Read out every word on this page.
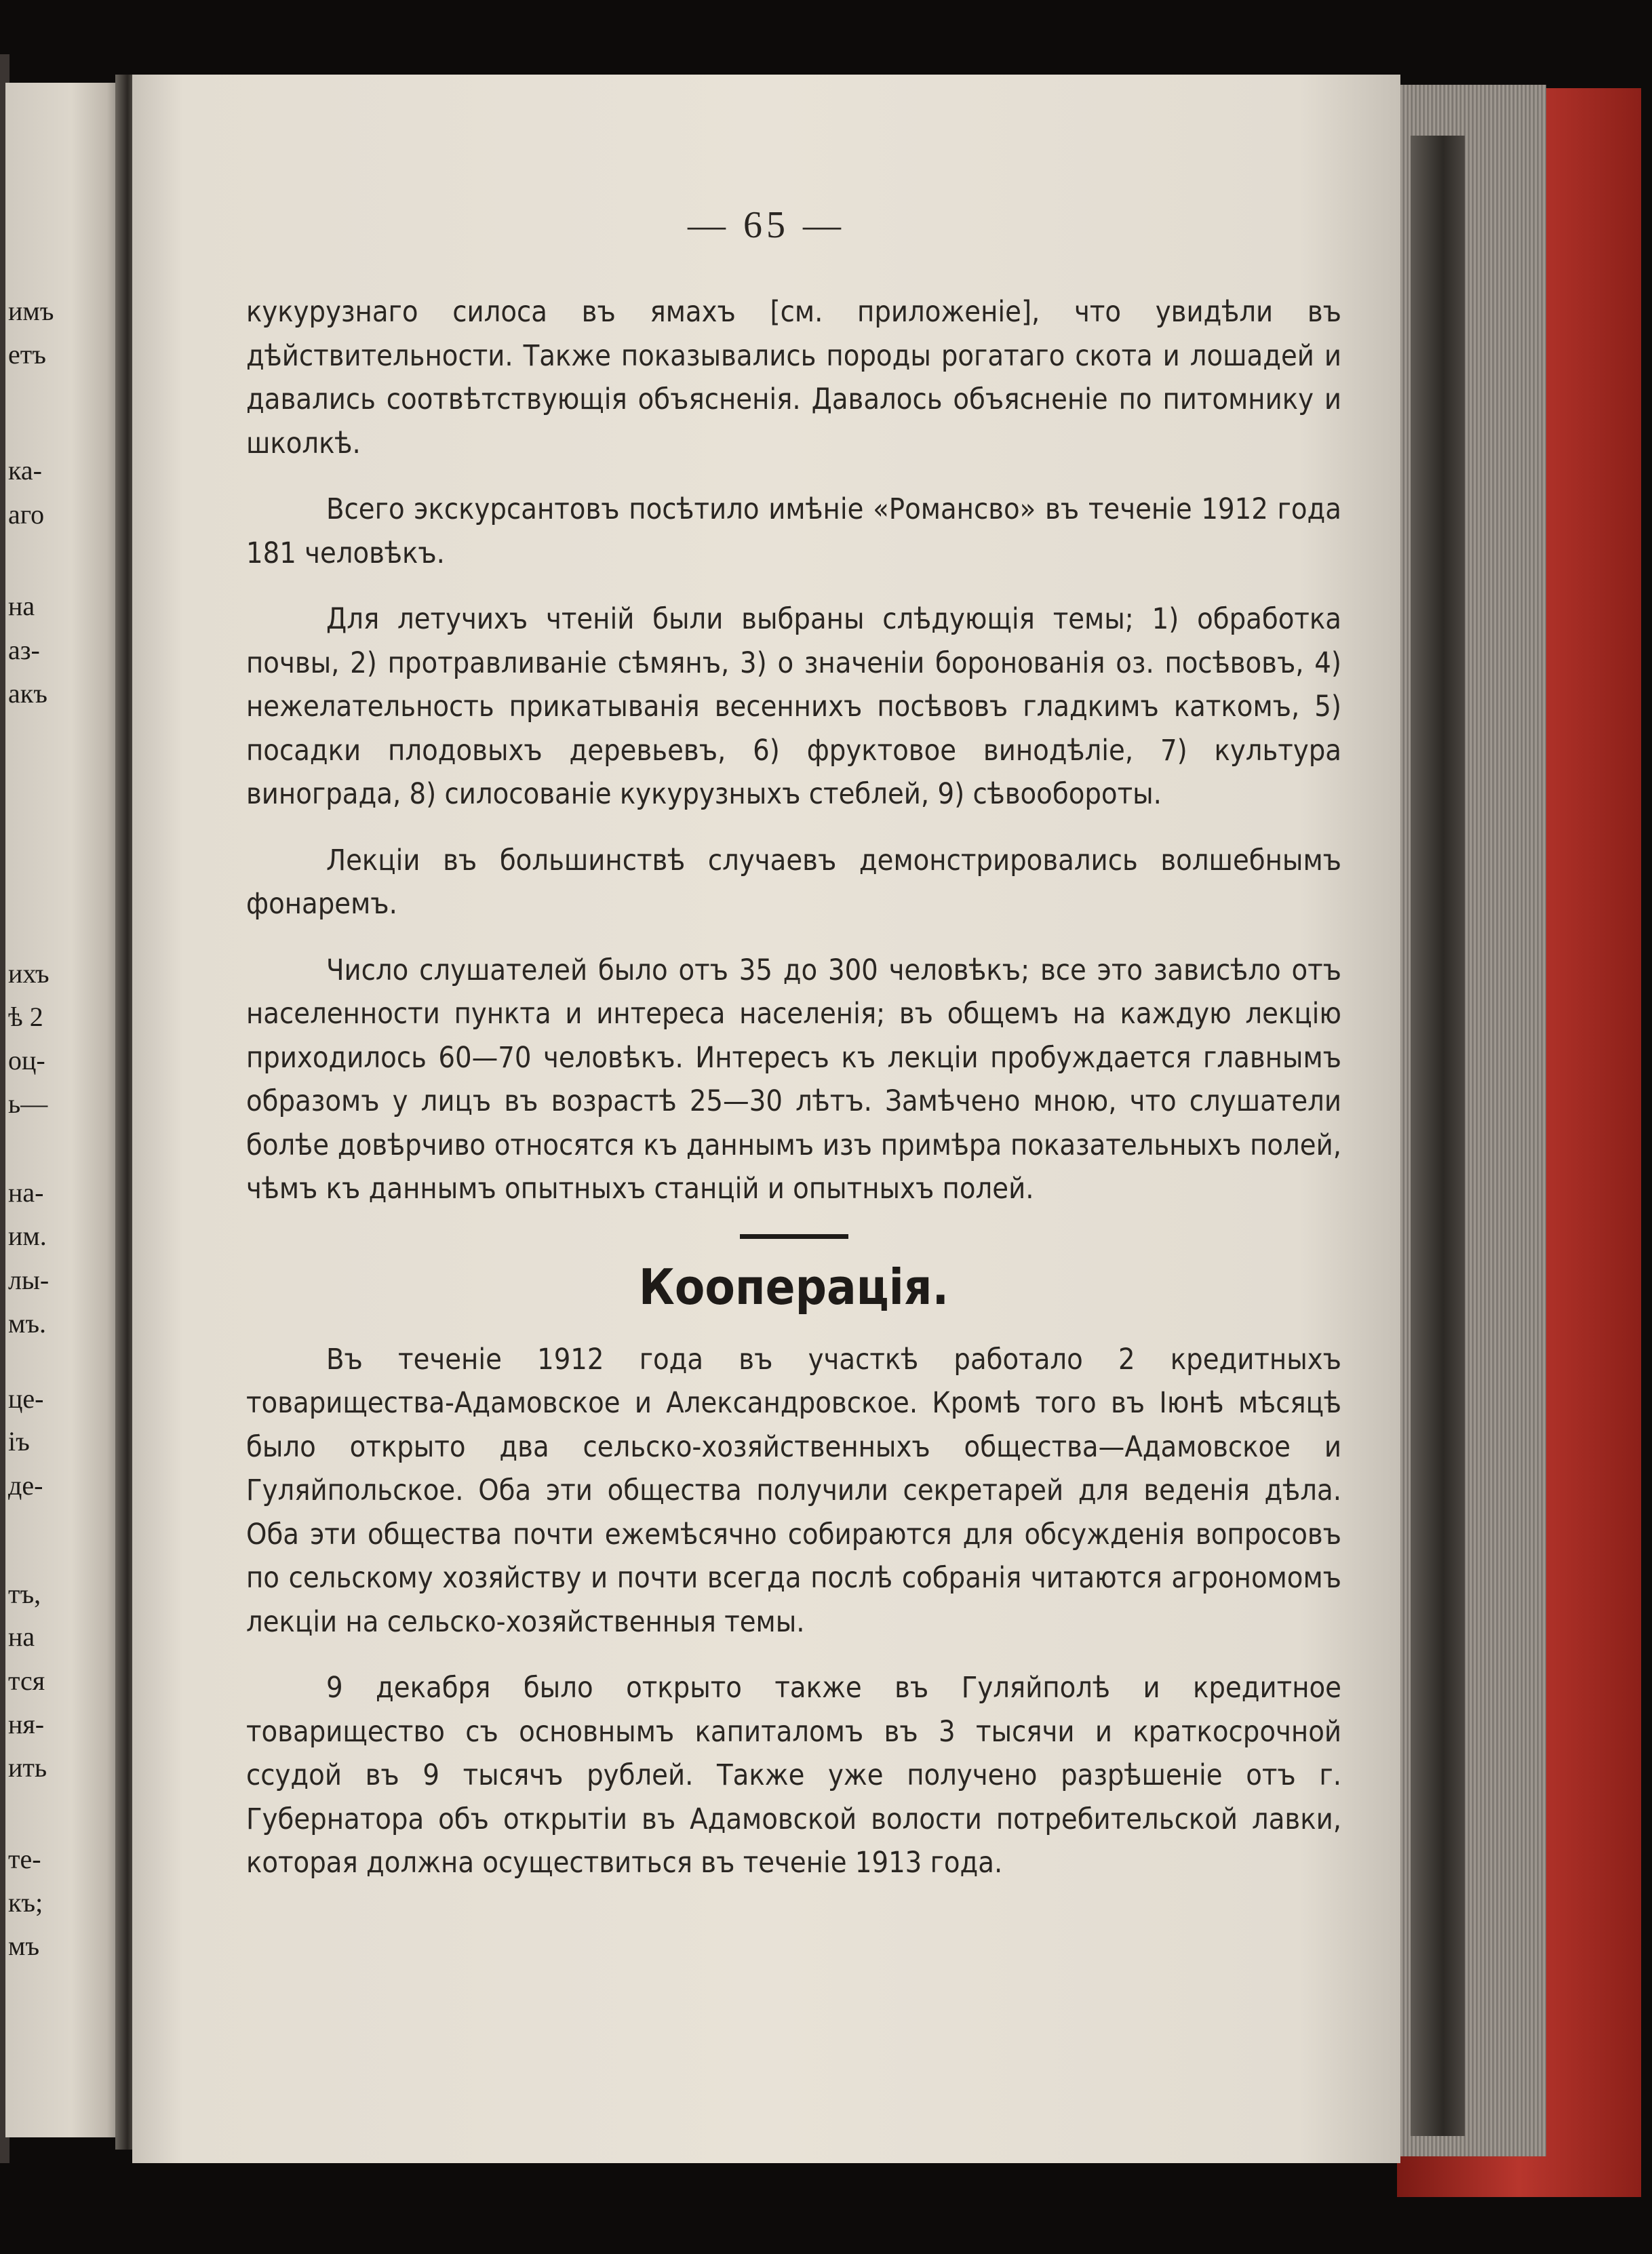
имъ
етъ
ка-
аго
на
аз-
акъ
ихъ
ѣ 2
оц-
ь—
на-
им.
лы-
мъ.
це-
іъ
де-
тъ,
на
тся
ня-
ить
те-
къ;
мъ
— 65 —

кукурузнаго силоса въ ямахъ [см. приложеніе], что увидѣли въ дѣйствительности. Также показывались породы рогатаго скота и лошадей и давались соотвѣтствующія объясненія. Давалось объясненіе по питомнику и школкѣ.

Всего экскурсантовъ посѣтило имѣніе «Романсво» въ теченіе 1912 года 181 человѣкъ.

Для летучихъ чтеній были выбраны слѣдующія темы; 1) обработка почвы, 2) протравливаніе сѣмянъ, 3) о значеніи боронованія оз. посѣвовъ, 4) нежелательность прикатыванія весеннихъ посѣвовъ гладкимъ каткомъ, 5) посадки плодовыхъ деревьевъ, 6) фруктовое винодѣліе, 7) культура винограда, 8) силосованіе кукурузныхъ стеблей, 9) сѣвообороты.

Лекціи въ большинствѣ случаевъ демонстрировались волшебнымъ фонаремъ.

Число слушателей было отъ 35 до 300 человѣкъ; все это зависѣло отъ населенности пункта и интереса населенія; въ общемъ на каждую лекцію приходилось 60—70 человѣкъ. Интересъ къ лекціи пробуждается главнымъ образомъ у лицъ въ возрастѣ 25—30 лѣтъ. Замѣчено мною, что слушатели болѣе довѣрчиво относятся къ даннымъ изъ примѣра показательныхъ полей, чѣмъ къ даннымъ опытныхъ станцій и опытныхъ полей.

Кооперація.

Въ теченіе 1912 года въ участкѣ работало 2 кредитныхъ товарищества-Адамовское и Александровское. Кромѣ того въ Іюнѣ мѣсяцѣ было открыто два сельско-хозяйственныхъ общества—Адамовское и Гуляйпольское. Оба эти общества получили секретарей для веденія дѣла. Оба эти общества почти ежемѣсячно собираются для обсужденія вопросовъ по сельскому хозяйству и почти всегда послѣ собранія читаются агрономомъ лекціи на сельско-хозяйственныя темы.

9 декабря было открыто также въ Гуляйполѣ и кредитное товарищество съ основнымъ капиталомъ въ 3 тысячи и краткосрочной ссудой въ 9 тысячъ рублей. Также уже получено разрѣшеніе отъ г. Губернатора объ открытіи въ Адамовской волости потребительской лавки, которая должна осуществиться въ теченіе 1913 года.
